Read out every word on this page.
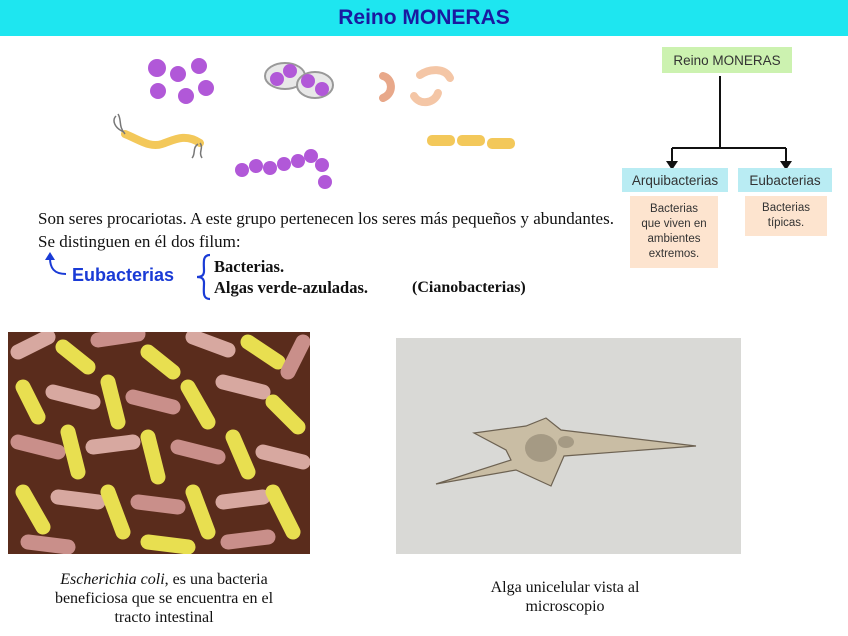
Reino MONERAS
Reino MONERAS
Arquibacterias Eubacterias
Bacterias
que viven en
ambientes
extremos.
Bacterias
típicas.
Son seres procariotas. A este grupo pertenecen los seres más pequeños y abundantes. Se distinguen en él dos filum:
Eubacterias Bacterias.
Algas verde-azuladas.	(Cianobacterias)
Escherichia coli, es una bacteria
beneficiosa que se encuentra en el
tracto intestinal
Alga unicelular vista al
microscopio
